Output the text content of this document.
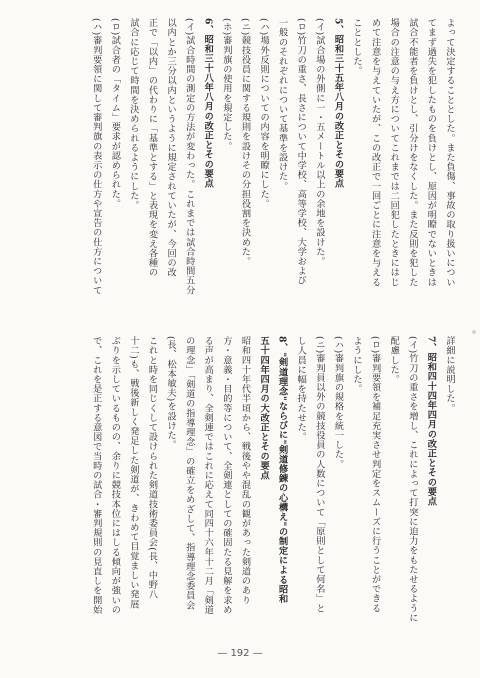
よって決定することとした。また負傷、事故の取り扱いについ
てまず過失を犯したものを負けとし、原因が明瞭でないときは
試合不能者を負けとし、引分けをなくした。また反則を犯した
場合の注意の与え方についてこれまでは二回犯したときにはじ
めて注意を与えていたが、この改正で一回ごとに注意を与える
こととした。
5、昭和三十五年八月の改正とその要点
(イ)試合場の外側に一・五メートル以上の余地を設けた。
(ロ)竹刀の重さ、長さについて中学校、高等学校、大学および
一般のそれぞれについて基準を設けた。
(ハ)場外反則についての内容を明瞭にした。
(ニ)競技役員に関する規則を設けその分担役割を決めた。
(ホ)審判旗の使用を規定した。
6、昭和三十八年八月の改正とその要点
(イ)試合時間の測定の方法が変わった。これまでは試合時間五分
以内とか三分以内というように規定されていたが、今回の改
正で「以内」の代わりに「基準とする」と表現を変え各種の
試合に応じて時間を決められるようにした。
(ロ)試合者の「タイム」要求が認められた。
(ハ)審判要領に関して審判旗の表示の仕方や宣告の仕方について
詳細に説明した。
7、昭和四十四年四月の改正とその要点
(イ)竹刀の重さを増し、これによって打突に迫力をもたせるように
配慮した。
(ロ)審判要領を補足充実させ判定をスムーズに行うことができる
ようにした。
(ハ)審判旗の規格を統一した。
(ニ)審判員以外の競技役員の人数について「原則として何名」と
し人員に幅を持たせた。
8、"剣道理念"ならびに"剣道修錬の心構え"の制定による昭和
五十四年四月の大改正とその要点
昭和四十年代半頃から、戦後やや混乱の観があった剣道のあり
方・意義・目的等について、全剣連としての確固たる見解を求め
る声が高まり、全剣連ではこれに応えて同四十六年十二月「剣道
の理念」「剣道の指導理念」の確立をめざして、指導理念委員会
(長、松本敏夫)を設けた。
これと時を同じくして設けられた剣道技術委員会(長、中野八
十二)も、戦後新しく発足した剣道が、きわめて目覚ましい発展
ぶりを示しているものの、余りに競技本位にはしる傾向が強いの
で、これを是正する意図で当時の試合・審判規則の見直しを開始
— 192 —
